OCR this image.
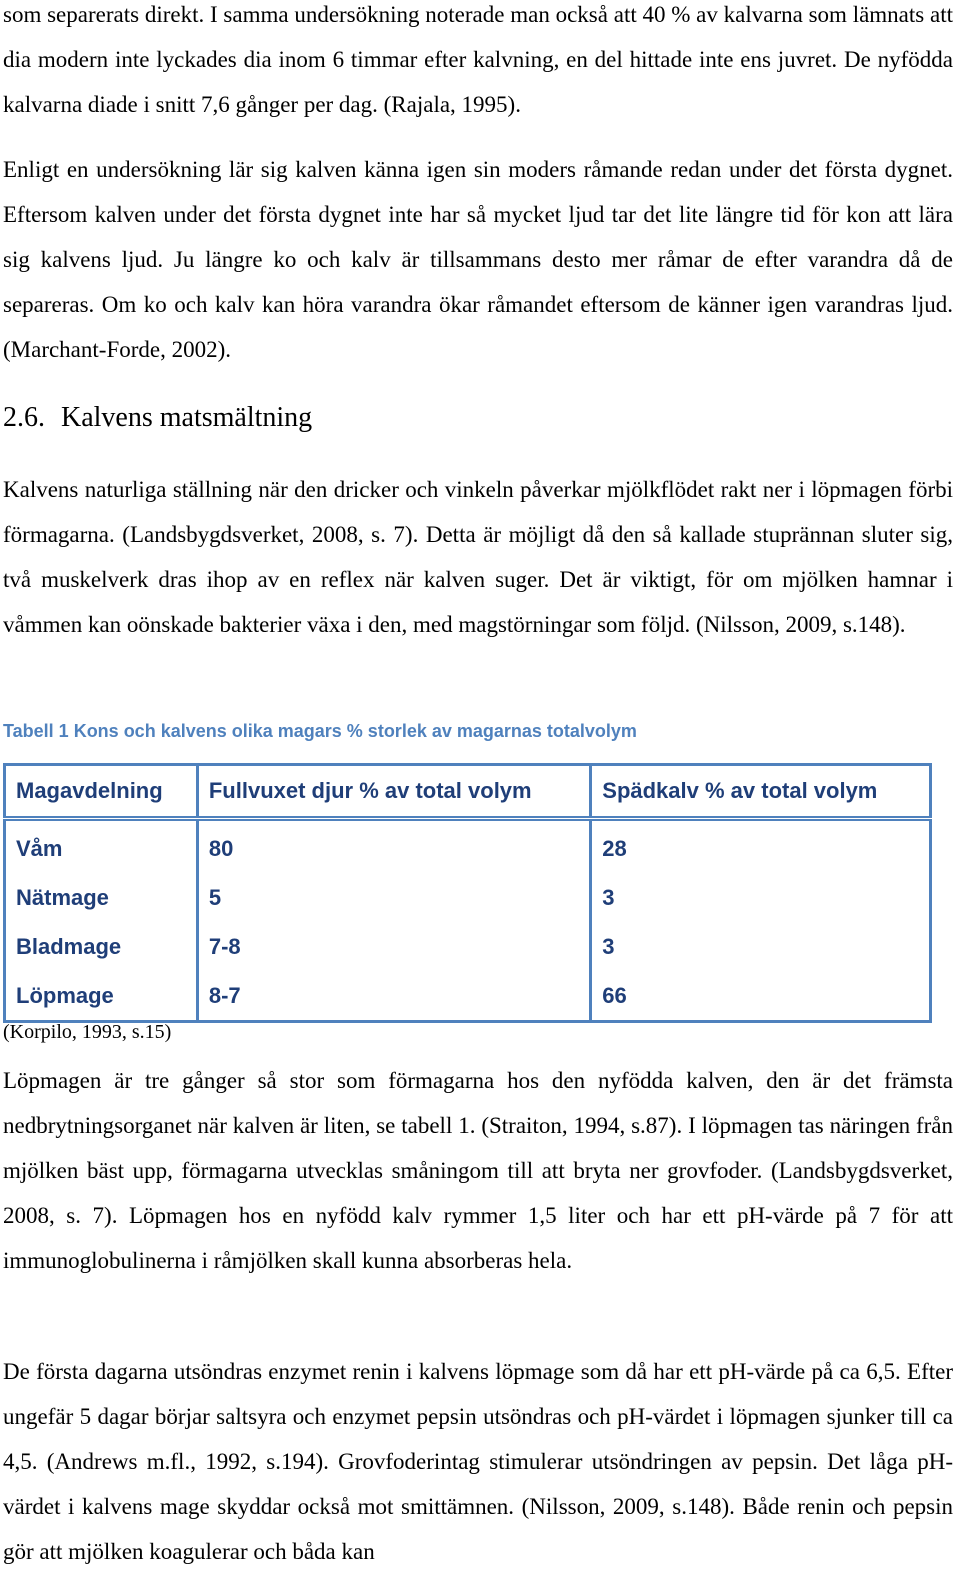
som separerats direkt. I samma undersökning noterade man också att 40 % av kalvarna som lämnats att dia modern inte lyckades dia inom 6 timmar efter kalvning, en del hittade inte ens juvret. De nyfödda kalvarna diade i snitt 7,6 gånger per dag. (Rajala, 1995).
Enligt en undersökning lär sig kalven känna igen sin moders råmande redan under det första dygnet. Eftersom kalven under det första dygnet inte har så mycket ljud tar det lite längre tid för kon att lära sig kalvens ljud. Ju längre ko och kalv är tillsammans desto mer råmar de efter varandra då de separeras. Om ko och kalv kan höra varandra ökar råmandet eftersom de känner igen varandras ljud. (Marchant-Forde, 2002).
2.6. Kalvens matsmältning
Kalvens naturliga ställning när den dricker och vinkeln påverkar mjölkflödet rakt ner i löpmagen förbi förmagarna. (Landsbygdsverket, 2008, s. 7). Detta är möjligt då den så kallade stuprännan sluter sig, två muskelverk dras ihop av en reflex när kalven suger. Det är viktigt, för om mjölken hamnar i våmmen kan oönskade bakterier växa i den, med magstörningar som följd. (Nilsson, 2009, s.148).
Tabell 1 Kons och kalvens olika magars % storlek av magarnas totalvolym
Magavdelning	Fullvuxet djur % av total volym	Spädkalv % av total volym
Våm	80	28
Nätmage	5	3
Bladmage	7-8	3
Löpmage	8-7	66
(Korpilo, 1993, s.15)
Löpmagen är tre gånger så stor som förmagarna hos den nyfödda kalven, den är det främsta nedbrytningsorganet när kalven är liten, se tabell 1. (Straiton, 1994, s.87). I löpmagen tas näringen från mjölken bäst upp, förmagarna utvecklas småningom till att bryta ner grovfoder. (Landsbygdsverket, 2008, s. 7). Löpmagen hos en nyfödd kalv rymmer 1,5 liter och har ett pH-värde på 7 för att immunoglobulinerna i råmjölken skall kunna absorberas hela.
De första dagarna utsöndras enzymet renin i kalvens löpmage som då har ett pH-värde på ca 6,5. Efter ungefär 5 dagar börjar saltsyra och enzymet pepsin utsöndras och pH-värdet i löpmagen sjunker till ca 4,5. (Andrews m.fl., 1992, s.194). Grovfoderintag stimulerar utsöndringen av pepsin. Det låga pH-värdet i kalvens mage skyddar också mot smittämnen. (Nilsson, 2009, s.148). Både renin och pepsin gör att mjölken koagulerar och båda kan
